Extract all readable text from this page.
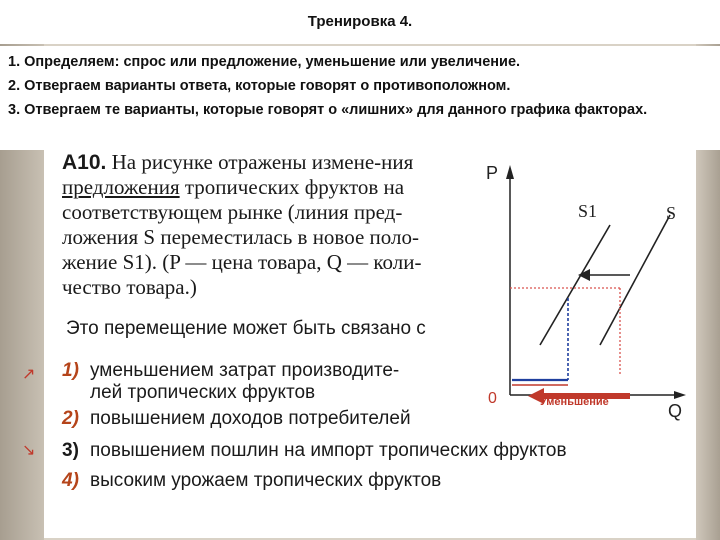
Тренировка 4.
1. Определяем: спрос или предложение, уменьшение или увеличение.
2. Отвергаем варианты ответа, которые говорят о противоположном.
3. Отвергаем те варианты, которые говорят о «лишних» для данного графика факторах.
А10. На рисунке отражены измене-ния предложения тропических фруктов на соответствующем рынке (линия пред-ложения S переместилась в новое поло-жение S1). (P — цена товара, Q — коли-чество товара.)
Это перемещение может быть связано с
↗
↘
1) уменьшением затрат производите-
лей тропических фруктов
2) повышением доходов потребителей
3) повышением пошлин на импорт тропических фруктов
4) высоким урожаем тропических фруктов
P
Q
0
S1	S
Уменьшение
